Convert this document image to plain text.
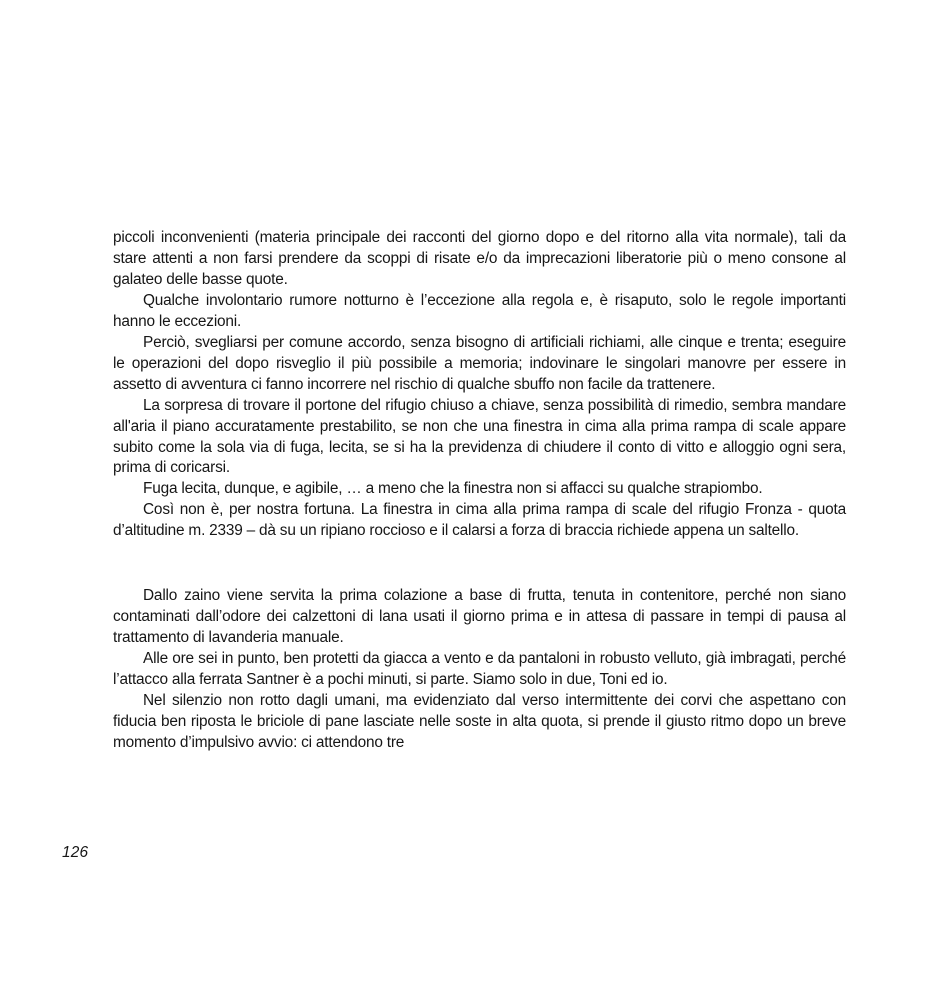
piccoli inconvenienti (materia principale dei racconti del giorno dopo e del ritorno alla vita normale), tali da stare attenti a non farsi prendere da scoppi di risate e/o da imprecazioni liberatorie più o meno consone al galateo delle basse quote.

Qualche involontario rumore notturno è l’eccezione alla regola e, è risaputo, solo le regole importanti hanno le eccezioni.

Perciò, svegliarsi per comune accordo, senza bisogno di artificiali richiami, alle cinque e trenta; eseguire le operazioni del dopo risveglio il più possibile a memoria; indovinare le singolari manovre per essere in assetto di avventura ci fanno incorrere nel rischio di qualche sbuffo non facile da trattenere.

La sorpresa di trovare il portone del rifugio chiuso a chiave, senza possibilità di rimedio, sembra mandare all'aria il piano accuratamente prestabilito, se non che una finestra in cima alla prima rampa di scale appare subito come la sola via di fuga, lecita, se si ha la previdenza di chiudere il conto di vitto e alloggio ogni sera, prima di coricarsi.

Fuga lecita, dunque, e agibile, … a meno che la finestra non si affacci su qualche strapiombo.

Così non è, per nostra fortuna. La finestra in cima alla prima rampa di scale del rifugio Fronza - quota d’altitudine m. 2339 – dà su un ripiano roccioso e il calarsi a forza di braccia richiede appena un saltello.

Dallo zaino viene servita la prima colazione a base di frutta, tenuta in contenitore, perché non siano contaminati dall’odore dei calzettoni di lana usati il giorno prima e in attesa di passare in tempi di pausa al trattamento di lavanderia manuale.

Alle ore sei in punto, ben protetti da giacca a vento e da pantaloni in robusto velluto, già imbragati, perché l’attacco alla ferrata Santner è a pochi minuti, si parte. Siamo solo in due, Toni ed io.

Nel silenzio non rotto dagli umani, ma evidenziato dal verso intermittente dei corvi che aspettano con fiducia ben riposta le briciole di pane lasciate nelle soste in alta quota, si prende il giusto ritmo dopo un breve momento d’impulsivo avvio: ci attendono tre

126
